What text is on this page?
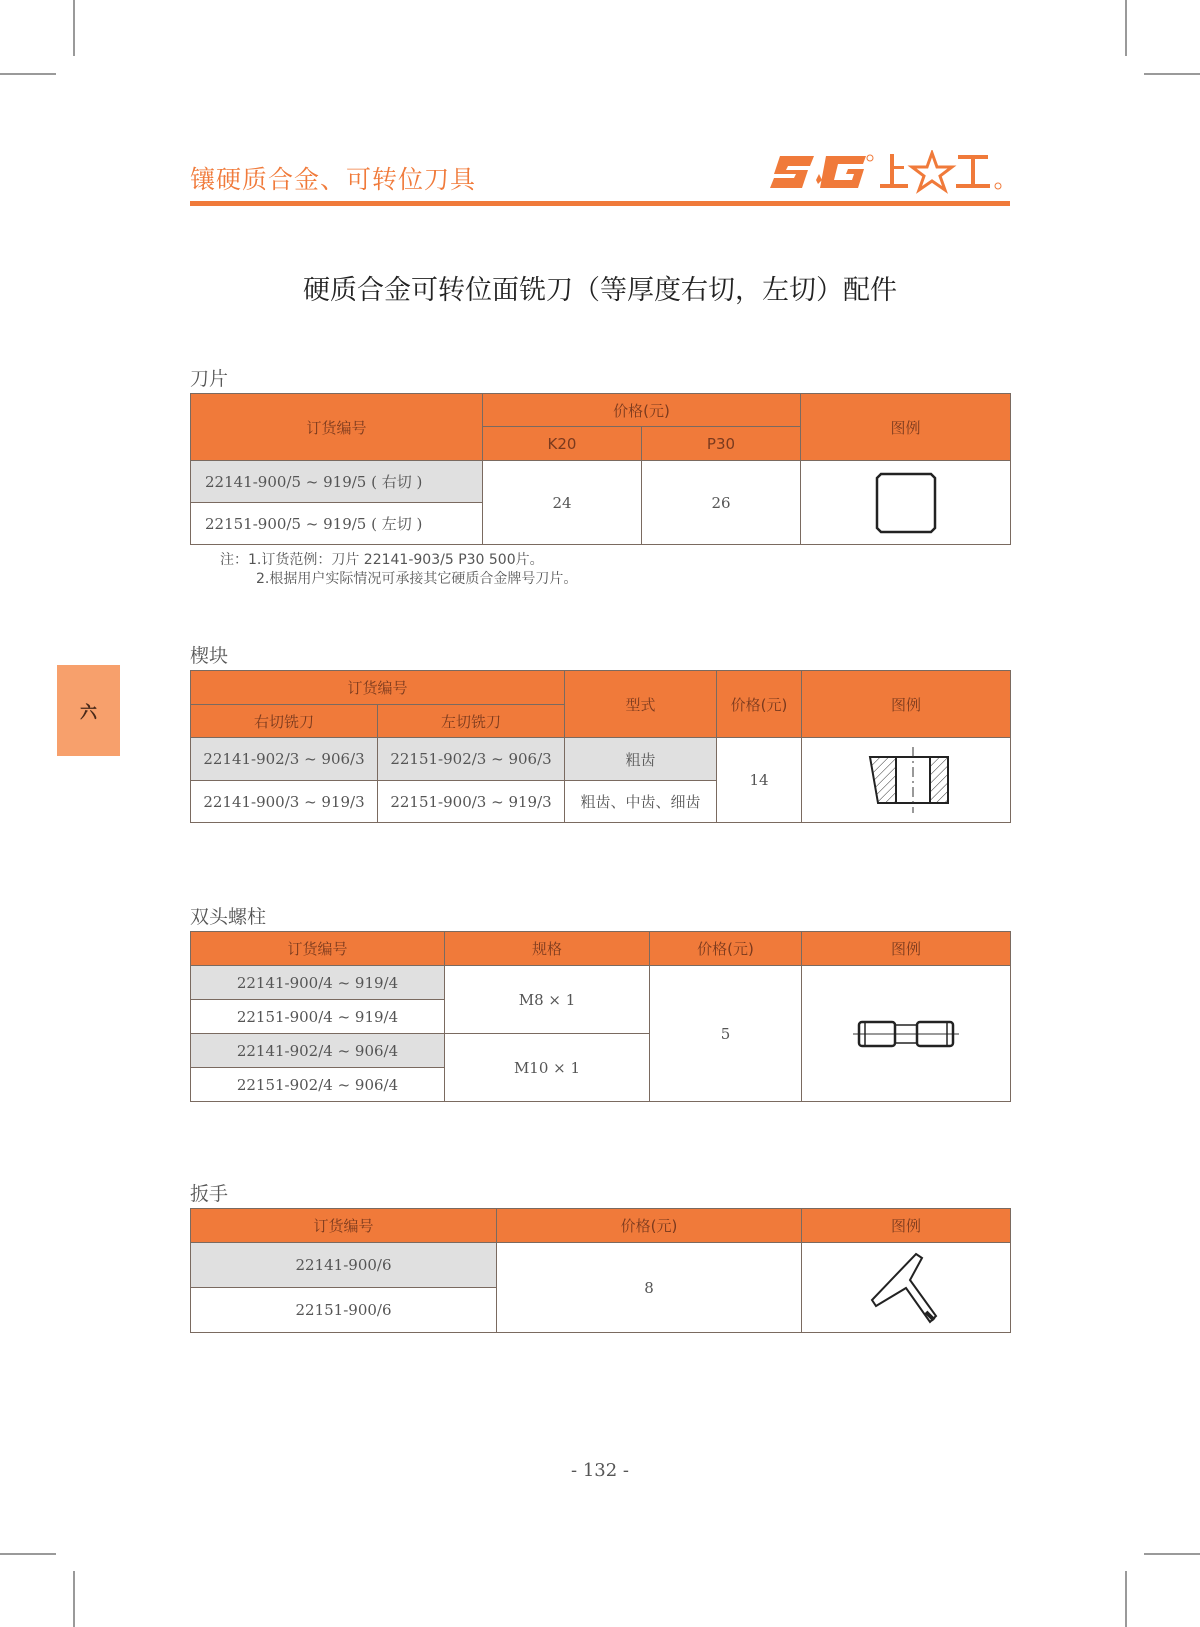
镶硬质合金、可转位刀具
硬质合金可转位面铣刀（等厚度右切，左切）配件
六
刀片
订货编号	价格(元)		图例
	K20	P30	
22141-900/5 ~ 919/5 ( 右切 )	24	26	

22151-900/5 ~ 919/5 ( 左切 )			
注：1.订货范例：刀片 22141-903/5 P30 500片。
2.根据用户实际情况可承接其它硬质合金牌号刀片。
楔块
订货编号		型式	价格(元)	图例
右切铣刀	左切铣刀			
22141-902/3 ~ 906/3	22151-902/3 ~ 906/3	粗齿	14	

22141-900/3 ~ 919/3	22151-900/3 ~ 919/3	粗齿、中齿、细齿		
双头螺柱
订货编号	规格	价格(元)	图例
22141-900/4 ~ 919/4	M8 × 1	5	

22151-900/4 ~ 919/4			
22141-902/4 ~ 906/4	M10 × 1		
22151-902/4 ~ 906/4			
扳手
订货编号	价格(元)	图例
22141-900/6	8	

22151-900/6		
- 132 -
